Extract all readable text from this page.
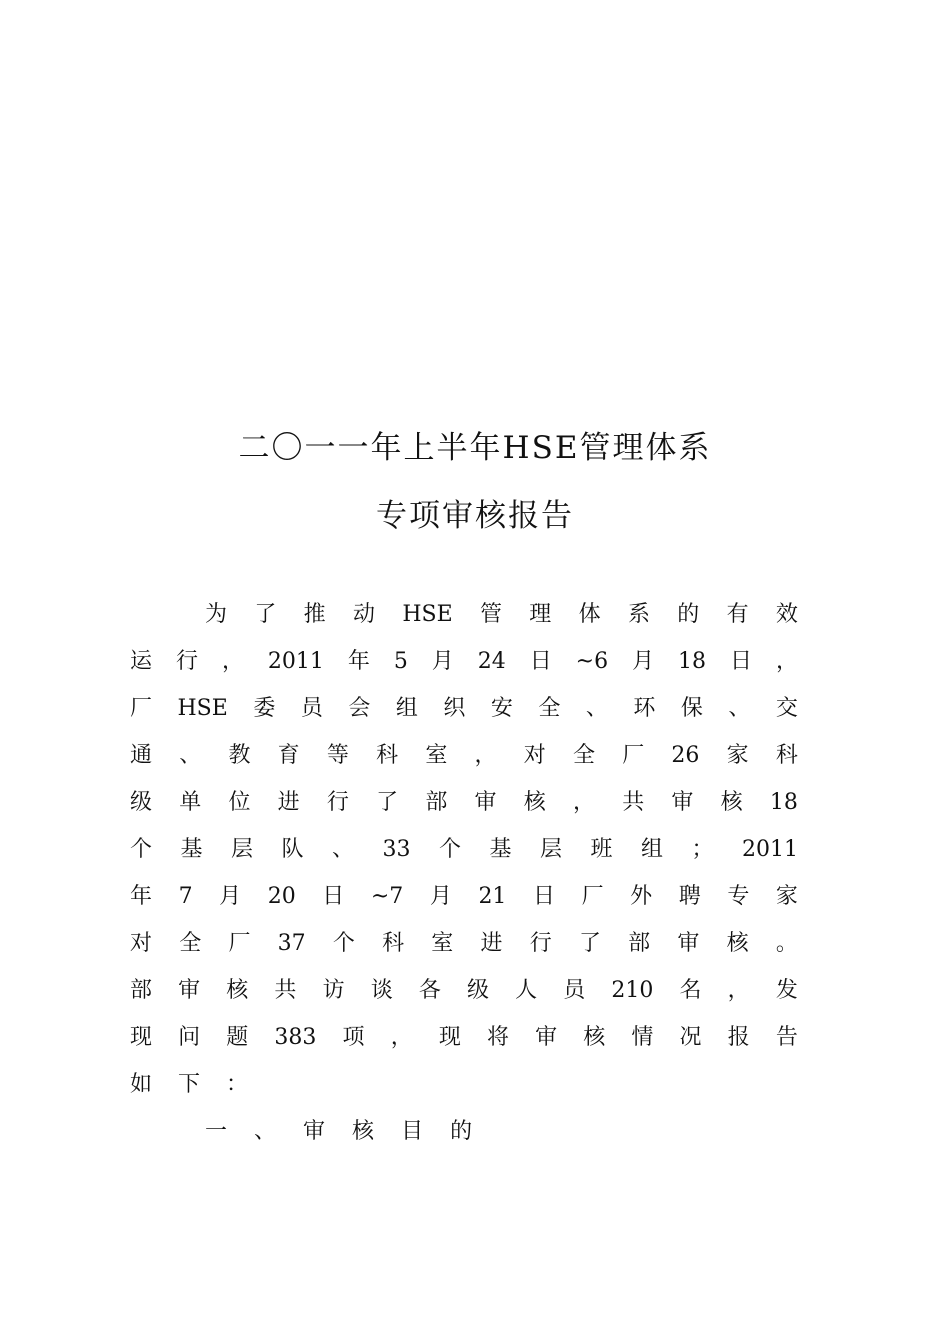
二〇一一年上半年HSE管理体系
专项审核报告
为 了 推 动 HSE 管 理 体 系 的 有 效
运 行 ， 2011 年 5 月 24 日 ~6 月 18 日 ，
厂 HSE 委 员 会 组 织 安 全 、 环 保 、 交
通 、 教 育 等 科 室 ， 对 全 厂 26 家 科
级 单 位 进 行 了 部 审 核 ， 共 审 核 18
个 基 层 队 、 33 个 基 层 班 组 ； 2011
年 7 月 20 日 ~7 月 21 日 厂 外 聘 专 家
对 全 厂 37 个 科 室 进 行 了 部 审 核 。
部 审 核 共 访 谈 各 级 人 员 210 名 ， 发
现 问 题 383 项 ， 现 将 审 核 情 况 报 告
如 下 ：
一 、 审 核 目 的
